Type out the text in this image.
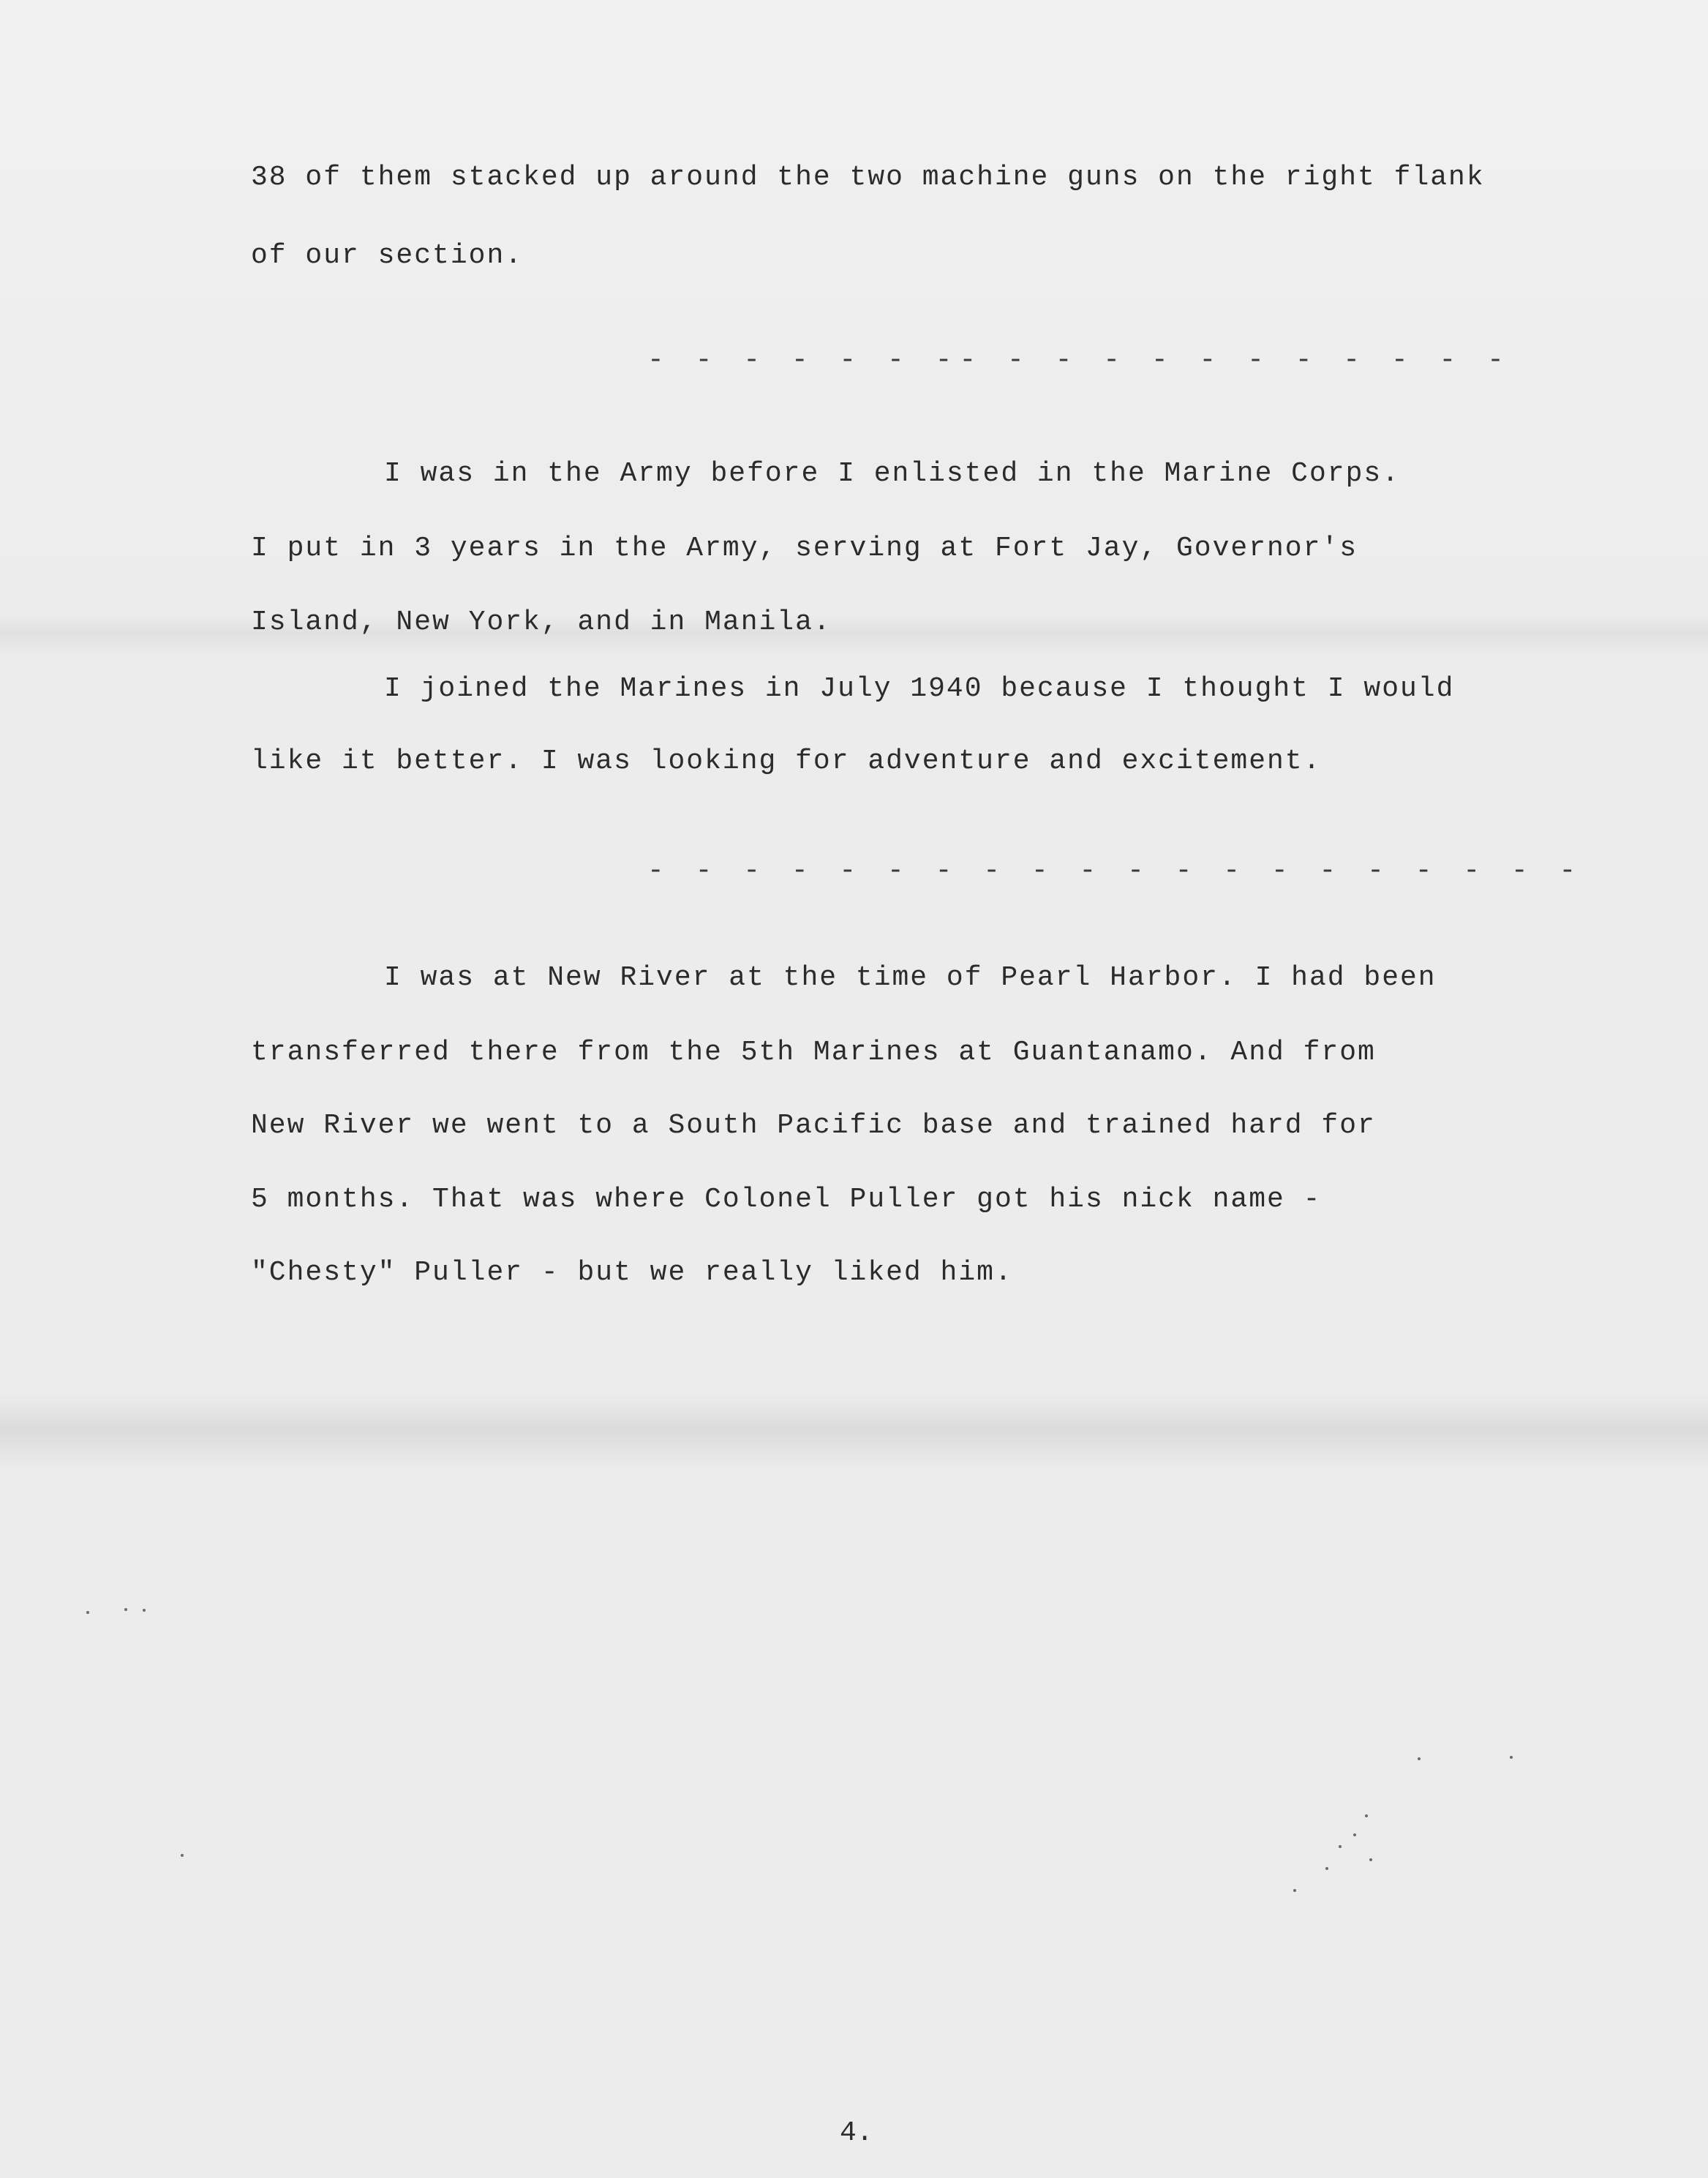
38 of them stacked up around the two machine guns on the right flank
of our section.
- - - - - - -- - - - - - - - - - - -
I was in the Army before I enlisted in the Marine Corps.
I put in 3 years in the Army, serving at Fort Jay, Governor's
Island, New York, and in Manila.
I joined the Marines in July 1940 because I thought I would
like it better. I was looking for adventure and excitement.
- - - - - - - - - - - - - - - - - - - -
I was at New River at the time of Pearl Harbor. I had been
transferred there from the 5th Marines at Guantanamo. And from
New River we went to a South Pacific base and trained hard for
5 months. That was where Colonel Puller got his nick name -
"Chesty" Puller - but we really liked him.
4.
